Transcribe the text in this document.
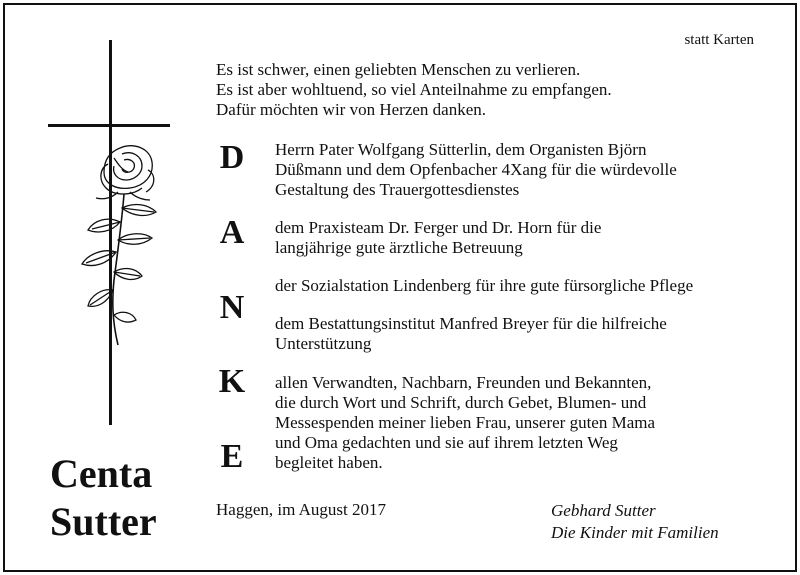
statt Karten
Es ist schwer, einen geliebten Menschen zu verlieren.
Es ist aber wohltuend, so viel Anteilnahme zu empfangen.
Dafür möchten wir von Herzen danken.
Centa
Sutter
D
A
N
K
E
Herrn Pater Wolfgang Sütterlin, dem Organisten Björn
Düßmann und dem Opfenbacher 4Xang für die würdevolle
Gestaltung des Trauergottesdienstes
dem Praxisteam Dr. Ferger und Dr. Horn für die
langjährige gute ärztliche Betreuung
der Sozialstation Lindenberg für ihre gute fürsorgliche Pflege
dem Bestattungsinstitut Manfred Breyer für die hilfreiche
Unterstützung
allen Verwandten, Nachbarn, Freunden und Bekannten,
die durch Wort und Schrift, durch Gebet, Blumen- und
Messespenden meiner lieben Frau, unserer guten Mama
und Oma gedachten und sie auf ihrem letzten Weg
begleitet haben.
Haggen, im August 2017	Gebhard Sutter
Die Kinder mit Familien
